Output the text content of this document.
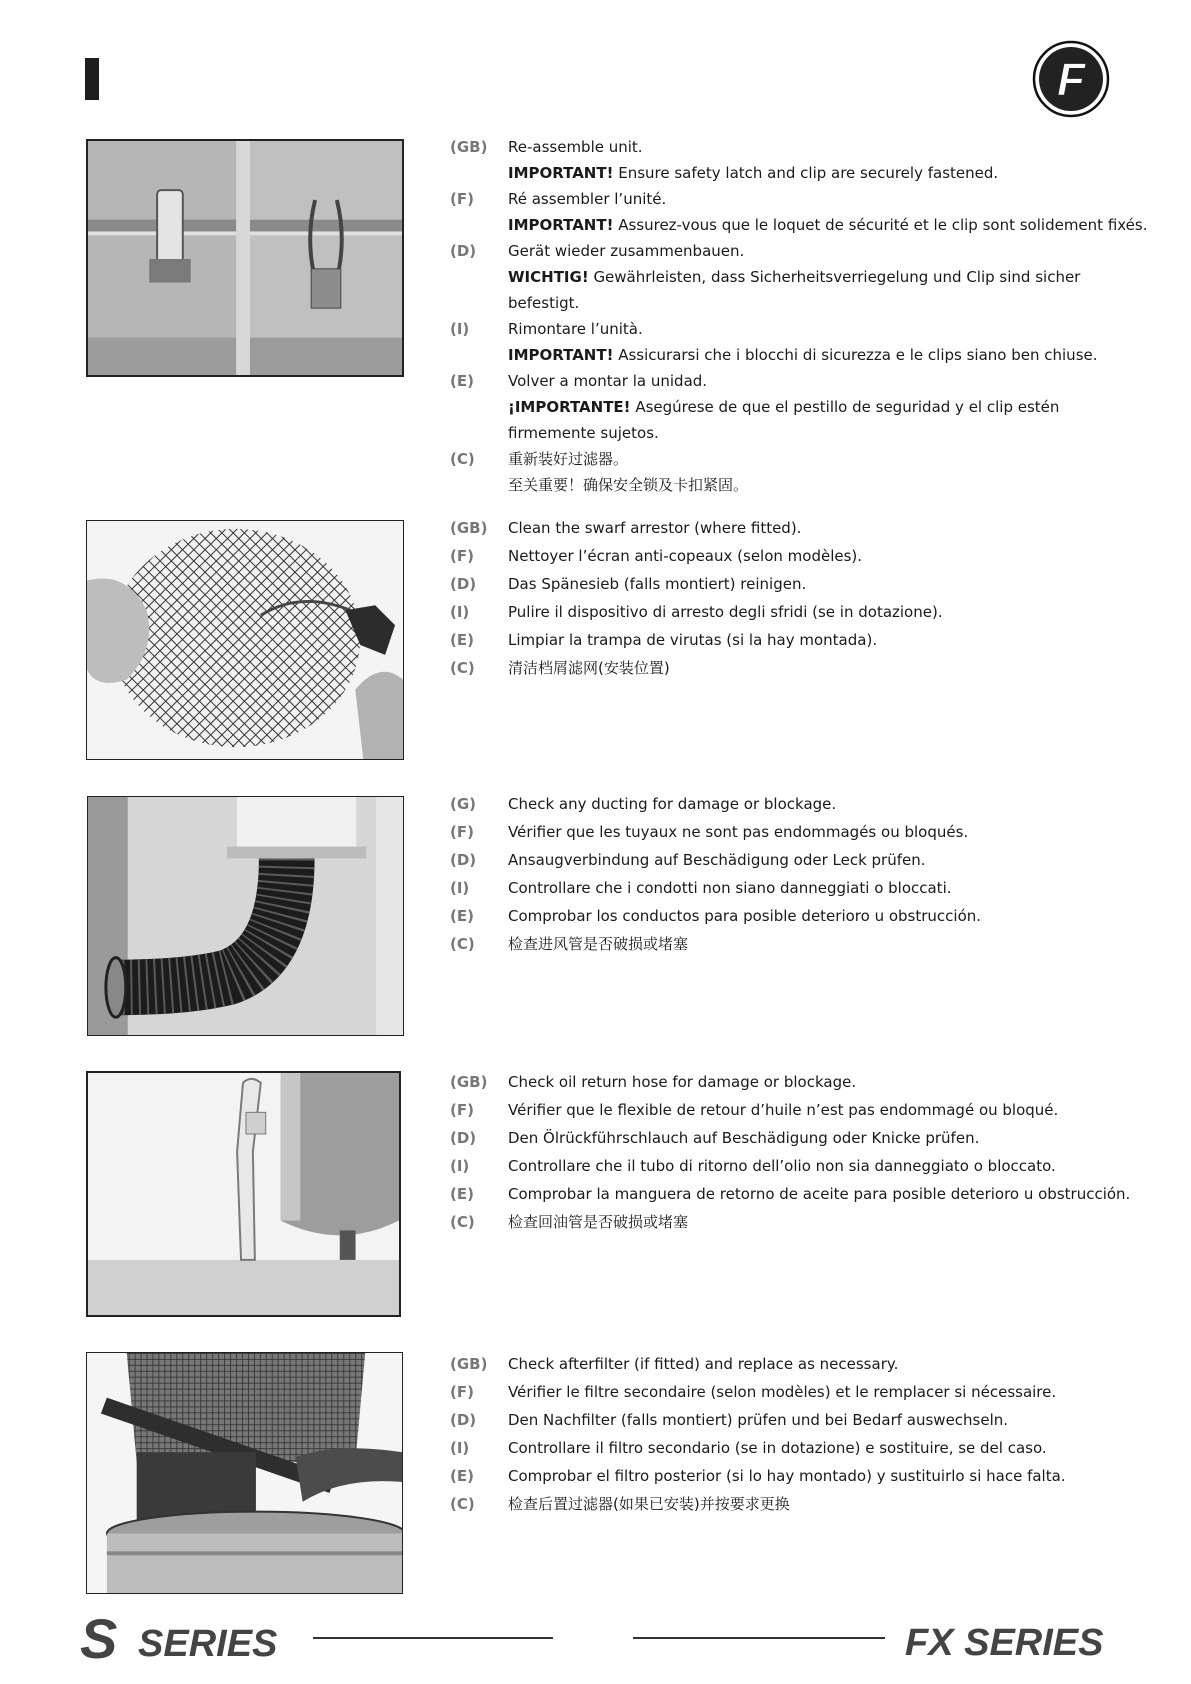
F
(GB)	Re-assemble unit.
IMPORTANT! Ensure safety latch and clip are securely fastened.
(F)	Ré assembler l’unité.
IMPORTANT! Assurez-vous que le loquet de sécurité et le clip sont solidement fixés.
(D)	Gerät wieder zusammenbauen.
WICHTIG! Gewährleisten, dass Sicherheitsverriegelung und Clip sind sicher befestigt.
(I)	Rimontare l’unità.
IMPORTANT! Assicurarsi che i blocchi di sicurezza e le clips siano ben chiuse.
(E)	Volver a montar la unidad.
¡IMPORTANTE! Asegúrese de que el pestillo de seguridad y el clip estén firmemente sujetos.
(C)	重新装好过滤器。
至关重要！确保安全锁及卡扣紧固。
(GB)	Clean the swarf arrestor (where fitted).
(F)	Nettoyer l’écran anti-copeaux (selon modèles).
(D)	Das Spänesieb (falls montiert) reinigen.
(I)	Pulire il dispositivo di arresto degli sfridi (se in dotazione).
(E)	Limpiar la trampa de virutas (si la hay montada).
(C)	清洁档屑滤网(安装位置)
(G)	Check any ducting for damage or blockage.
(F)	Vérifier que les tuyaux ne sont pas endommagés ou bloqués.
(D)	Ansaugverbindung auf Beschädigung oder Leck prüfen.
(I)	Controllare che i condotti non siano danneggiati o bloccati.
(E)	Comprobar los conductos para posible deterioro u obstrucción.
(C)	检查进风管是否破损或堵塞
(GB)	Check oil return hose for damage or blockage.
(F)	Vérifier que le flexible de retour d’huile n’est pas endommagé ou bloqué.
(D)	Den Ölrückführschlauch auf Beschädigung oder Knicke prüfen.
(I)	Controllare che il tubo di ritorno dell’olio non sia danneggiato o bloccato.
(E)	Comprobar la manguera de retorno de aceite para posible deterioro u obstrucción.
(C)	检查回油管是否破损或堵塞
(GB)	Check afterfilter (if fitted) and replace as necessary.
(F)	Vérifier le filtre secondaire (selon modèles) et le remplacer si nécessaire.
(D)	Den Nachfilter (falls montiert) prüfen und bei Bedarf auswechseln.
(I)	Controllare il filtro secondario (se in dotazione) e sostituire, se del caso.
(E)	Comprobar el filtro posterior (si lo hay montado) y sustituirlo si hace falta.
(C)	检查后置过滤器(如果已安装)并按要求更换
S SERIES	FX SERIES
